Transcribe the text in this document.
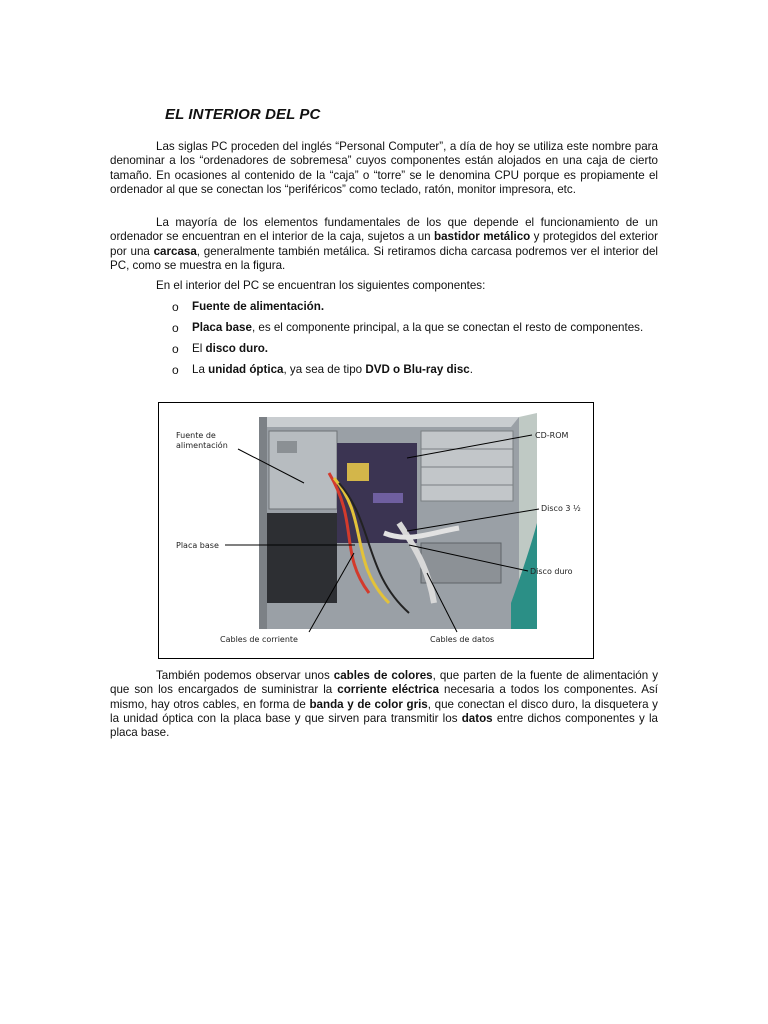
EL INTERIOR DEL PC

Las siglas PC proceden del inglés “Personal Computer”, a día de hoy se utiliza este nombre para denominar a los “ordenadores de sobremesa” cuyos componentes están alojados en una caja de cierto tamaño. En ocasiones al contenido de la “caja” o “torre” se le denomina CPU porque es propiamente el ordenador al que se conectan los “periféricos” como teclado, ratón, monitor impresora, etc.

La mayoría de los elementos fundamentales de los que depende el funcionamiento de un ordenador se encuentran en el interior de la caja, sujetos a un bastidor metálico y protegidos del exterior por una carcasa, generalmente también metálica. Si retiramos dicha carcasa podremos ver el interior del PC, como se muestra en la figura.

En el interior del PC se encuentran los siguientes componentes:

o Fuente de alimentación.
o Placa base, es el componente principal, a la que se conectan el resto de componentes.
o El disco duro.
o La unidad óptica, ya sea de tipo DVD o Blu-ray disc.
Fuente de
alimentación
CD-ROM
Disco 3 ½
Placa base
Disco duro
Cables de corriente	Cables de datos

También podemos observar unos cables de colores, que parten de la fuente de alimentación y que son los encargados de suministrar la corriente eléctrica necesaria a todos los componentes. Así mismo, hay otros cables, en forma de banda y de color gris, que conectan el disco duro, la disquetera y la unidad óptica con la placa base y que sirven para transmitir los datos entre dichos componentes y la placa base.
